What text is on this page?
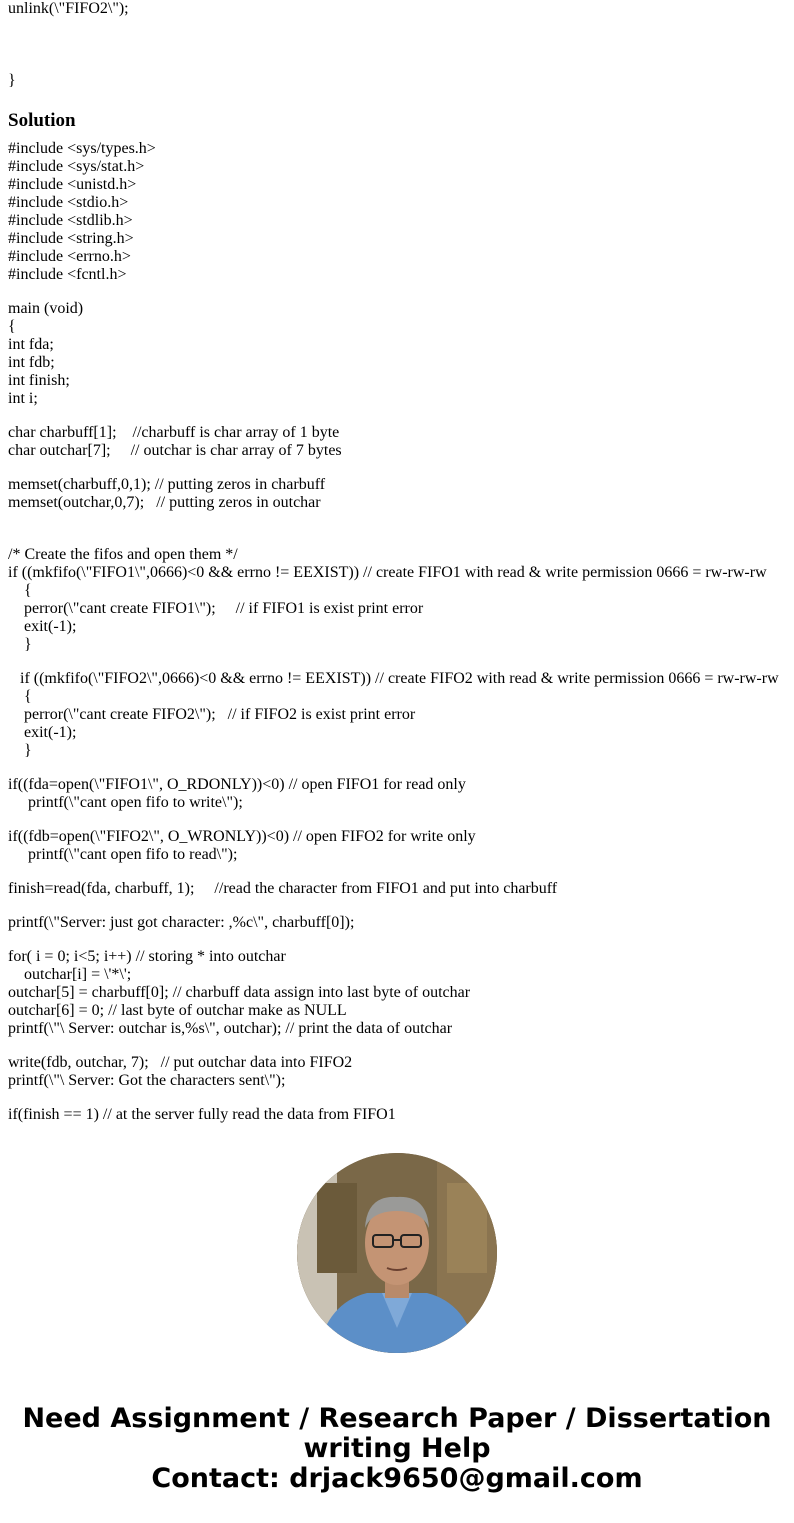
unlink(\"FIFO2\");

}
Solution
#include <sys/types.h>
#include <sys/stat.h>
#include <unistd.h>
#include <stdio.h>
#include <stdlib.h>
#include <string.h>
#include <errno.h>
#include <fcntl.h>
main (void)
{
int fda;
int fdb;
int finish;
int i;
char charbuff[1];    //charbuff is char array of 1 byte
char outchar[7];     // outchar is char array of 7 bytes
memset(charbuff,0,1); // putting zeros in charbuff
memset(outchar,0,7);   // putting zeros in outchar

/* Create the fifos and open them */
if ((mkfifo(\"FIFO1\",0666)<0 && errno != EEXIST)) // create FIFO1 with read & write permission 0666 = rw-rw-rw
{
perror(\"cant create FIFO1\");     // if FIFO1 is exist print error
exit(-1);
}
if ((mkfifo(\"FIFO2\",0666)<0 && errno != EEXIST)) // create FIFO2 with read & write permission 0666 = rw-rw-rw
{
perror(\"cant create FIFO2\");   // if FIFO2 is exist print error
exit(-1);
}
if((fda=open(\"FIFO1\", O_RDONLY))<0) // open FIFO1 for read only
printf(\"cant open fifo to write\");
if((fdb=open(\"FIFO2\", O_WRONLY))<0) // open FIFO2 for write only
printf(\"cant open fifo to read\");
finish=read(fda, charbuff, 1);     //read the character from FIFO1 and put into charbuff
printf(\"Server: just got character: ,%c\", charbuff[0]);
for( i = 0; i<5; i++) // storing * into outchar
outchar[i] = \'*\';
outchar[5] = charbuff[0]; // charbuff data assign into last byte of outchar
outchar[6] = 0; // last byte of outchar make as NULL
printf(\"\ Server: outchar is,%s\", outchar); // print the data of outchar
write(fdb, outchar, 7);   // put outchar data into FIFO2
printf(\"\ Server: Got the characters sent\");
if(finish == 1) // at the server fully read the data from FIFO1
Need Assignment / Research Paper / Dissertation
writing Help
Contact: drjack9650@gmail.com
